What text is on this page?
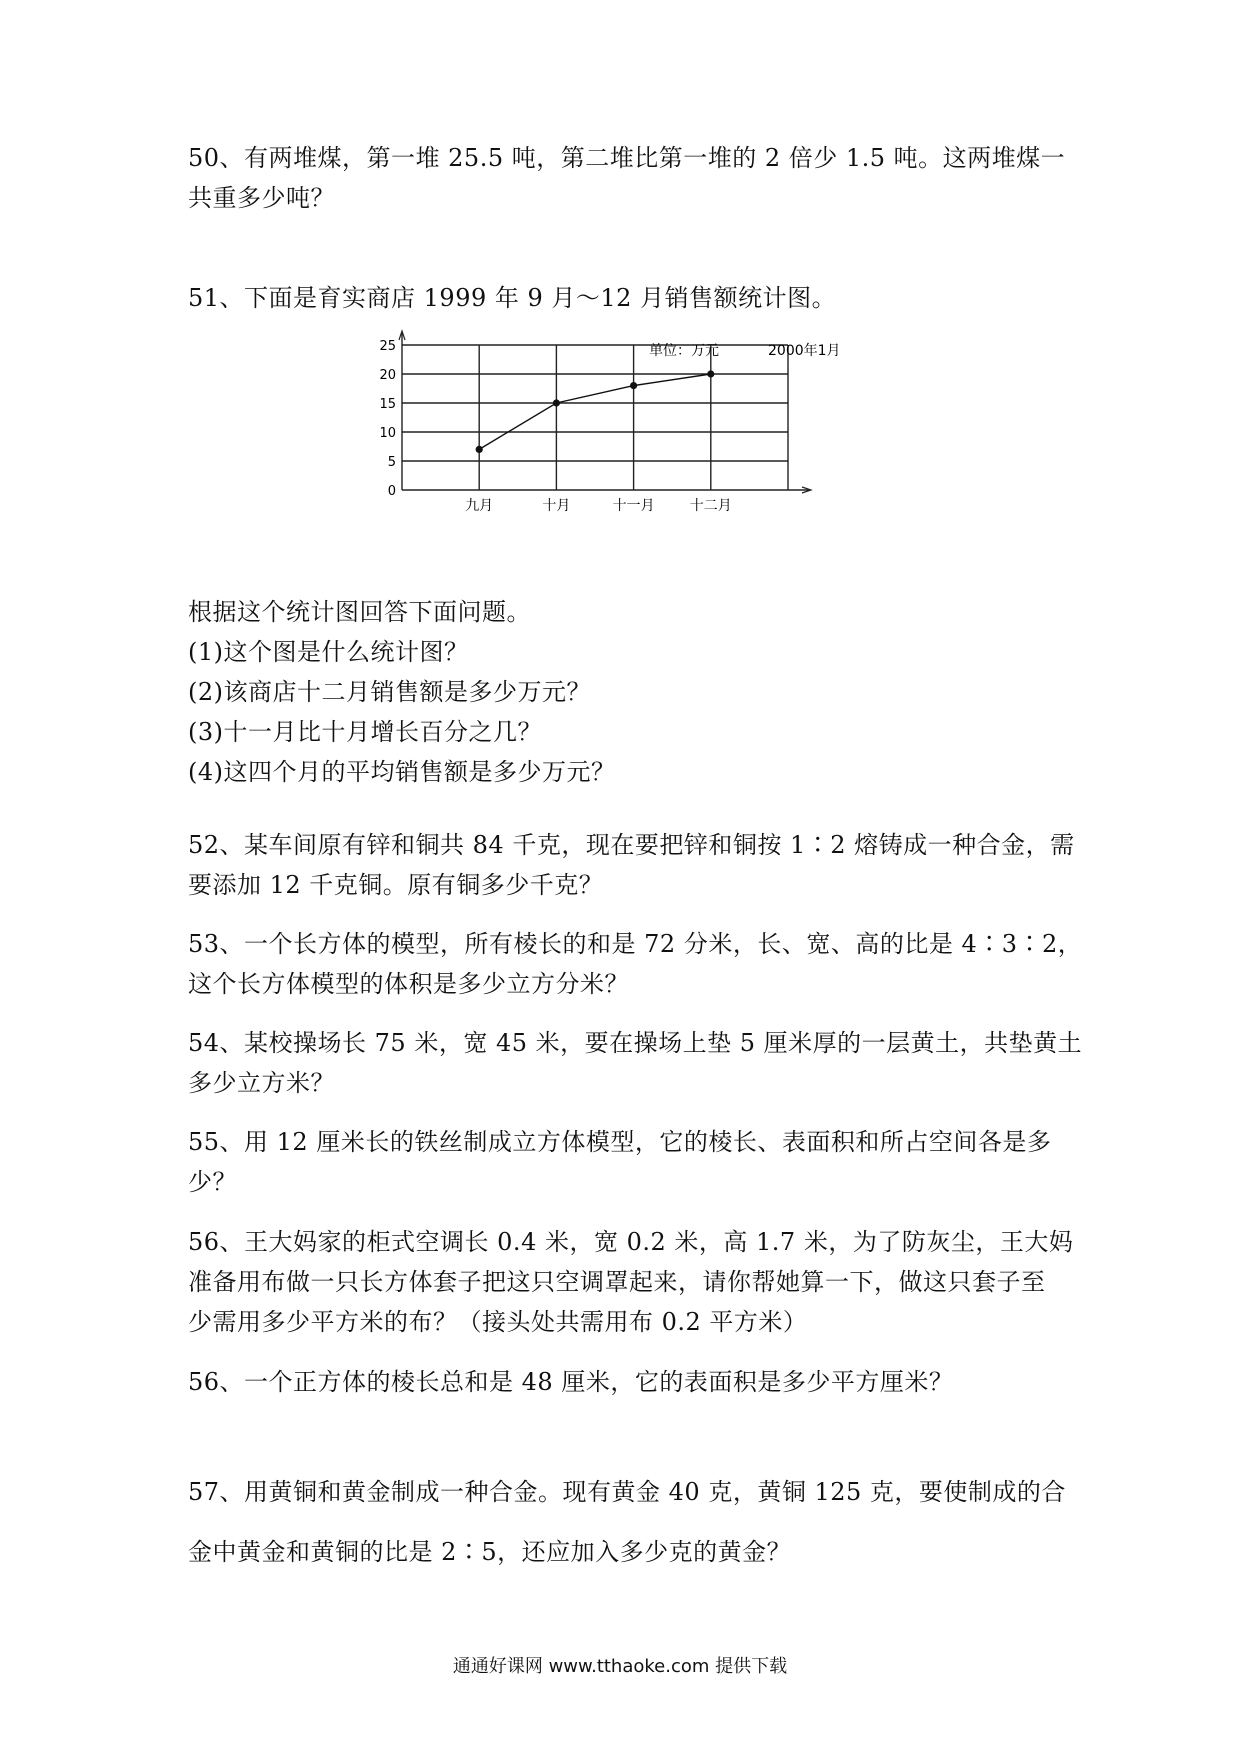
50、有两堆煤，第一堆 25.5 吨，第二堆比第一堆的 2 倍少 1.5 吨。这两堆煤一
共重多少吨？

51、下面是育实商店 1999 年 9 月～12 月销售额统计图。

0
5
10
15
20
25
九月	十月	十一月	十二月
单位：万元	2000年1月

根据这个统计图回答下面问题。

(1)这个图是什么统计图？

(2)该商店十二月销售额是多少万元？

(3)十一月比十月增长百分之几？

(4)这四个月的平均销售额是多少万元？

52、某车间原有锌和铜共 84 千克，现在要把锌和铜按 1∶2 熔铸成一种合金，需
要添加 12 千克铜。原有铜多少千克？
53、一个长方体的模型，所有棱长的和是 72 分米，长、宽、高的比是 4∶3∶2，
这个长方体模型的体积是多少立方分米？
54、某校操场长 75 米，宽 45 米，要在操场上垫 5 厘米厚的一层黄土，共垫黄土
多少立方米？
55、用 12 厘米长的铁丝制成立方体模型，它的棱长、表面积和所占空间各是多
少？
56、王大妈家的柜式空调长 0.4 米，宽 0.2 米，高 1.7 米，为了防灰尘，王大妈
准备用布做一只长方体套子把这只空调罩起来，请你帮她算一下，做这只套子至
少需用多少平方米的布？（接头处共需用布 0.2 平方米）
56、一个正方体的棱长总和是 48 厘米，它的表面积是多少平方厘米？
57、用黄铜和黄金制成一种合金。现有黄金 40 克，黄铜 125 克，要使制成的合
金中黄金和黄铜的比是 2∶5，还应加入多少克的黄金？
通通好课网 www.tthaoke.com 提供下载
